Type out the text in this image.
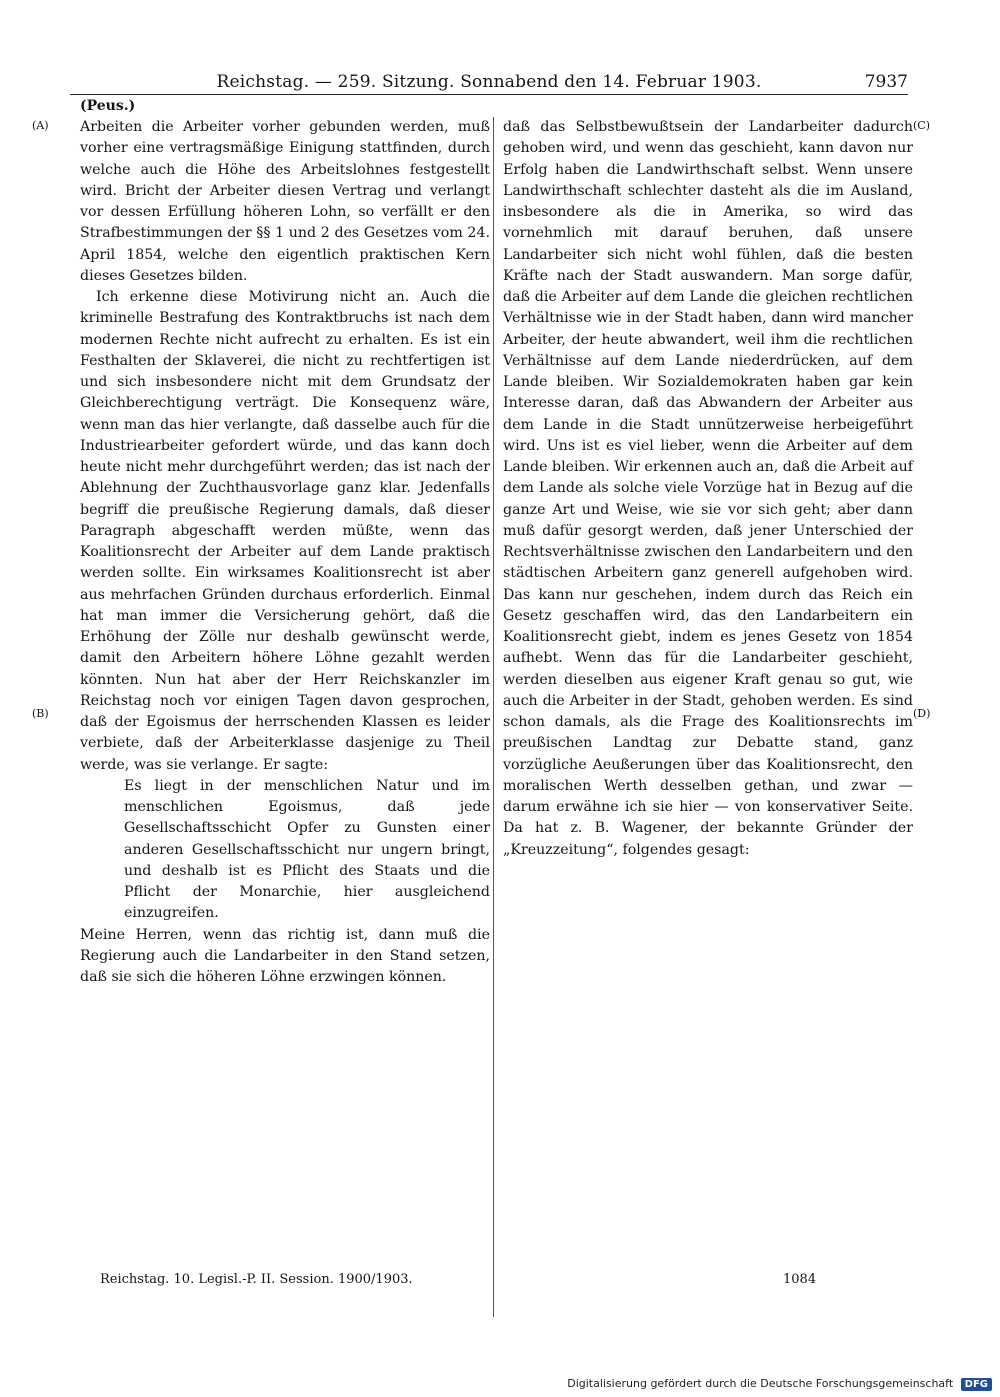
Reichstag. — 259. Sitzung. Sonnabend den 14. Februar 1903.	7937
(Peus.)
(A)
(B)
(C)
(D)

Arbeiten die Arbeiter vorher gebunden werden, muß vorher eine vertragsmäßige Einigung stattfinden, durch welche auch die Höhe des Arbeitslohnes festgestellt wird. Bricht der Arbeiter diesen Vertrag und verlangt vor dessen Erfüllung höheren Lohn, so verfällt er den Strafbestimmungen der §§ 1 und 2 des Gesetzes vom 24. April 1854, welche den eigentlich praktischen Kern dieses Gesetzes bilden.

Ich erkenne diese Motivirung nicht an. Auch die kriminelle Bestrafung des Kontraktbruchs ist nach dem modernen Rechte nicht aufrecht zu erhalten. Es ist ein Festhalten der Sklaverei, die nicht zu rechtfertigen ist und sich insbesondere nicht mit dem Grundsatz der Gleichberechtigung verträgt. Die Konsequenz wäre, wenn man das hier verlangte, daß dasselbe auch für die Industriearbeiter gefordert würde, und das kann doch heute nicht mehr durchgeführt werden; das ist nach der Ablehnung der Zuchthausvorlage ganz klar. Jedenfalls begriff die preußische Regierung damals, daß dieser Paragraph abgeschafft werden müßte, wenn das Koalitionsrecht der Arbeiter auf dem Lande praktisch werden sollte. Ein wirksames Koalitionsrecht ist aber aus mehrfachen Gründen durchaus erforderlich. Einmal hat man immer die Versicherung gehört, daß die Erhöhung der Zölle nur deshalb gewünscht werde, damit den Arbeitern höhere Löhne gezahlt werden könnten. Nun hat aber der Herr Reichskanzler im Reichstag noch vor einigen Tagen davon gesprochen, daß der Egoismus der herrschenden Klassen es leider verbiete, daß der Arbeiterklasse dasjenige zu Theil werde, was sie verlange. Er sagte:

Es liegt in der menschlichen Natur und im menschlichen Egoismus, daß jede Gesellschaftsschicht Opfer zu Gunsten einer anderen Gesellschaftsschicht nur ungern bringt, und deshalb ist es Pflicht des Staats und die Pflicht der Monarchie, hier ausgleichend einzugreifen.

Meine Herren, wenn das richtig ist, dann muß die Regierung auch die Landarbeiter in den Stand setzen, daß sie sich die höheren Löhne erzwingen können.

daß das Selbstbewußtsein der Landarbeiter dadurch gehoben wird, und wenn das geschieht, kann davon nur Erfolg haben die Landwirthschaft selbst. Wenn unsere Landwirthschaft schlechter dasteht als die im Ausland, insbesondere als die in Amerika, so wird das vornehmlich mit darauf beruhen, daß unsere Landarbeiter sich nicht wohl fühlen, daß die besten Kräfte nach der Stadt auswandern. Man sorge dafür, daß die Arbeiter auf dem Lande die gleichen rechtlichen Verhältnisse wie in der Stadt haben, dann wird mancher Arbeiter, der heute abwandert, weil ihm die rechtlichen Verhältnisse auf dem Lande niederdrücken, auf dem Lande bleiben. Wir Sozialdemokraten haben gar kein Interesse daran, daß das Abwandern der Arbeiter aus dem Lande in die Stadt unnützerweise herbeigeführt wird. Uns ist es viel lieber, wenn die Arbeiter auf dem Lande bleiben. Wir erkennen auch an, daß die Arbeit auf dem Lande als solche viele Vorzüge hat in Bezug auf die ganze Art und Weise, wie sie vor sich geht; aber dann muß dafür gesorgt werden, daß jener Unterschied der Rechtsverhältnisse zwischen den Landarbeitern und den städtischen Arbeitern ganz generell aufgehoben wird. Das kann nur geschehen, indem durch das Reich ein Gesetz geschaffen wird, das den Landarbeitern ein Koalitionsrecht giebt, indem es jenes Gesetz von 1854 aufhebt. Wenn das für die Landarbeiter geschieht, werden dieselben aus eigener Kraft genau so gut, wie auch die Arbeiter in der Stadt, gehoben werden. Es sind schon damals, als die Frage des Koalitionsrechts im preußischen Landtag zur Debatte stand, ganz vorzügliche Aeußerungen über das Koalitionsrecht, den moralischen Werth desselben gethan, und zwar — darum erwähne ich sie hier — von konservativer Seite. Da hat z. B. Wagener, der bekannte Gründer der „Kreuzzeitung“, folgendes gesagt:

Reichstag. 10. Legisl.-P. II. Session. 1900/1903.	1084
Digitalisierung gefördert durch die Deutsche Forschungsgemeinschaft DFG
